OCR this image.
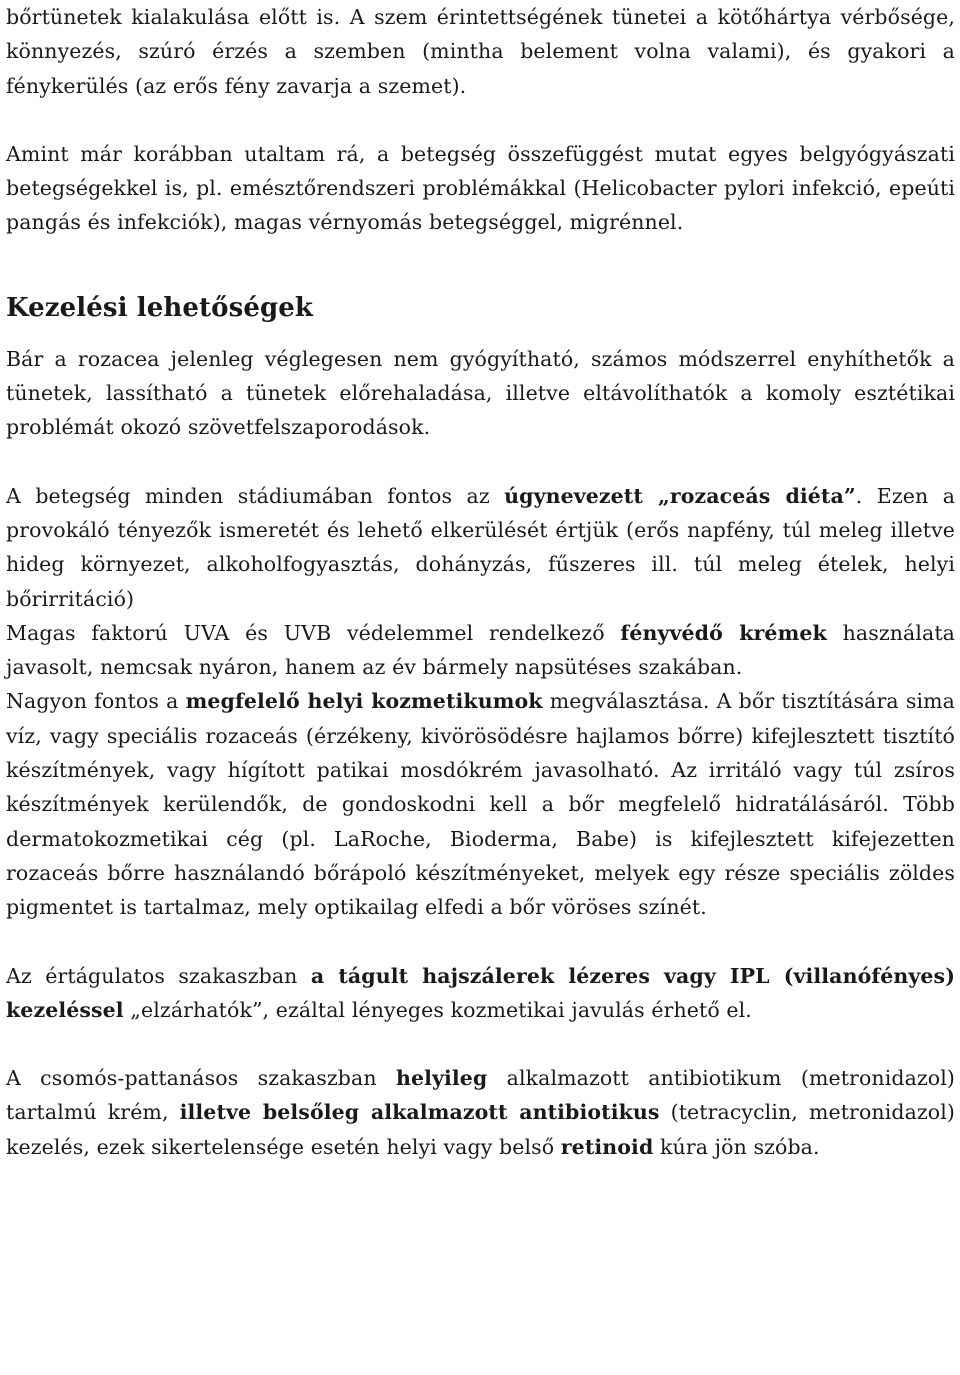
bőrtünetek kialakulása előtt is. A szem érintettségének tünetei a kötőhártya vérbősége, könnyezés, szúró érzés a szemben (mintha belement volna valami), és gyakori a fénykerülés (az erős fény zavarja a szemet).

Amint már korábban utaltam rá, a betegség összefüggést mutat egyes belgyógyászati betegségekkel is, pl. emésztőrendszeri problémákkal (Helicobacter pylori infekció, epeúti pangás és infekciók), magas vérnyomás betegséggel, migrénnel.

Kezelési lehetőségek

Bár a rozacea jelenleg véglegesen nem gyógyítható, számos módszerrel enyhíthetők a tünetek, lassítható a tünetek előrehaladása, illetve eltávolíthatók a komoly esztétikai problémát okozó szövetfelszaporodások.

A betegség minden stádiumában fontos az úgynevezett „rozaceás diéta”. Ezen a provokáló tényezők ismeretét és lehető elkerülését értjük (erős napfény, túl meleg illetve hideg környezet, alkoholfogyasztás, dohányzás, fűszeres ill. túl meleg ételek, helyi bőrirritáció)

Magas faktorú UVA és UVB védelemmel rendelkező fényvédő krémek használata javasolt, nemcsak nyáron, hanem az év bármely napsütéses szakában.

Nagyon fontos a megfelelő helyi kozmetikumok megválasztása. A bőr tisztítására sima víz, vagy speciális rozaceás (érzékeny, kivörösödésre hajlamos bőrre) kifejlesztett tisztító készítmények, vagy hígított patikai mosdókrém javasolható. Az irritáló vagy túl zsíros készítmények kerülendők, de gondoskodni kell a bőr megfelelő hidratálásáról. Több dermatokozmetikai cég (pl. LaRoche, Bioderma, Babe) is kifejlesztett kifejezetten rozaceás bőrre használandó bőrápoló készítményeket, melyek egy része speciális zöldes pigmentet is tartalmaz, mely optikailag elfedi a bőr vöröses színét.

Az értágulatos szakaszban a tágult hajszálerek lézeres vagy IPL (villanófényes) kezeléssel „elzárhatók”, ezáltal lényeges kozmetikai javulás érhető el.

A csomós-pattanásos szakaszban helyileg alkalmazott antibiotikum (metronidazol) tartalmú krém, illetve belsőleg alkalmazott antibiotikus (tetracyclin, metronidazol) kezelés, ezek sikertelensége esetén helyi vagy belső retinoid kúra jön szóba.
